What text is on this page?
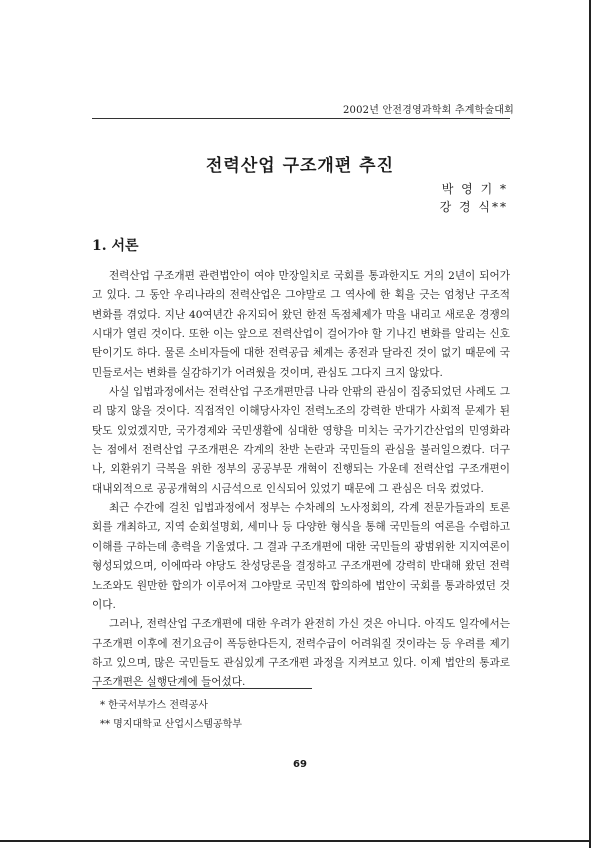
2002년 안전경영과학회 추계학술대회
전력산업 구조개편 추진
박 영 기 *
강 경 식**
1. 서론

전력산업 구조개편 관련법안이 여야 만장일치로 국회를 통과한지도 거의 2년이 되어가고 있다. 그 동안 우리나라의 전력산업은 그야말로 그 역사에 한 획을 긋는 엄청난 구조적 변화를 겪었다. 지난 40여년간 유지되어 왔던 한전 독점체제가 막을 내리고 새로운 경쟁의 시대가 열린 것이다. 또한 이는 앞으로 전력산업이 걸어가야 할 기나긴 변화를 알리는 신호탄이기도 하다. 물론 소비자들에 대한 전력공급 체계는 종전과 달라진 것이 없기 때문에 국민들로서는 변화를 실감하기가 어려웠을 것이며, 관심도 그다지 크지 않았다.

사실 입법과정에서는 전력산업 구조개편만큼 나라 안팎의 관심이 집중되었던 사례도 그리 많지 않을 것이다. 직접적인 이해당사자인 전력노조의 강력한 반대가 사회적 문제가 된 탓도 있었겠지만, 국가경제와 국민생활에 심대한 영향을 미치는 국가기간산업의 민영화라는 점에서 전력산업 구조개편은 각계의 찬반 논란과 국민들의 관심을 불러일으켰다. 더구나, 외환위기 극복을 위한 정부의 공공부문 개혁이 진행되는 가운데 전력산업 구조개편이 대내외적으로 공공개혁의 시금석으로 인식되어 있었기 때문에 그 관심은 더욱 컸었다.

최근 수간에 걸친 입법과정에서 정부는 수차례의 노사정회의, 각계 전문가들과의 토론회를 개최하고, 지역 순회설명회, 세미나 등 다양한 형식을 통해 국민들의 여론을 수렴하고 이해를 구하는데 총력을 기울였다. 그 결과 구조개편에 대한 국민들의 광범위한 지지여론이 형성되었으며, 이에따라 야당도 찬성당론을 결정하고 구조개편에 강력히 반대해 왔던 전력노조와도 원만한 합의가 이루어져 그야말로 국민적 합의하에 법안이 국회를 통과하였던 것이다.

그러나, 전력산업 구조개편에 대한 우려가 완전히 가신 것은 아니다. 아직도 일각에서는 구조개편 이후에 전기요금이 폭등한다든지, 전력수급이 어려워질 것이라는 등 우려를 제기하고 있으며, 많은 국민들도 관심있게 구조개편 과정을 지켜보고 있다. 이제 법안의 통과로 구조개편은 실행단계에 들어섰다.

* 한국서부가스 전력공사
** 명지대학교 산업시스템공학부
69
